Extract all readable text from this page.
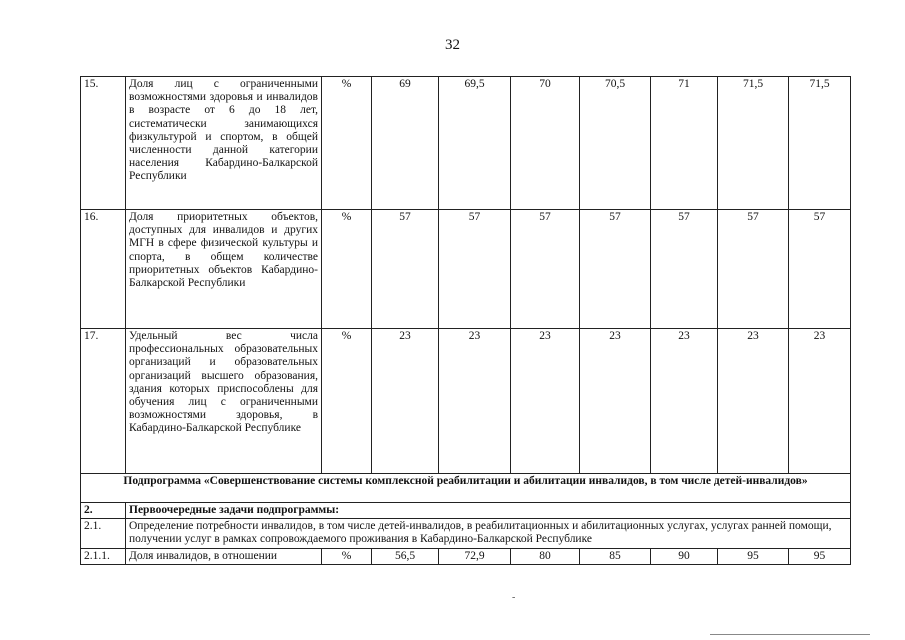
32
15.	Доля лиц с ограниченными возможностями здоровья и инвалидов в возрасте от 6 до 18 лет, систематически занимающихся физкультурой и спортом, в общей численности данной категории населения Кабардино-Балкарской Республики	%	69	69,5	70	70,5	71	71,5	71,5
16.	Доля приоритетных объектов, доступных для инвалидов и других МГН в сфере физической культуры и спорта, в общем количестве приоритетных объектов Кабардино-Балкарской Республики	%	57	57	57	57	57	57	57
17.	Удельный вес числа профессиональных образовательных организаций и образовательных организаций высшего образования, здания которых приспособлены для обучения лиц с ограниченными возможностями здоровья, в Кабардино-Балкарской Республике	%	23	23	23	23	23	23	23
Подпрограмма «Совершенствование системы комплексной реабилитации и абилитации инвалидов, в том числе детей-инвалидов»									
2.	Первоочередные задачи подпрограммы:								
2.1.	Определение потребности инвалидов, в том числе детей-инвалидов, в реабилитационных и абилитационных услугах, услугах ранней помощи, получении услуг в рамках сопровождаемого проживания в Кабардино-Балкарской Республике								
2.1.1.	Доля инвалидов, в отношении	%	56,5	72,9	80	85	90	95	95
-
